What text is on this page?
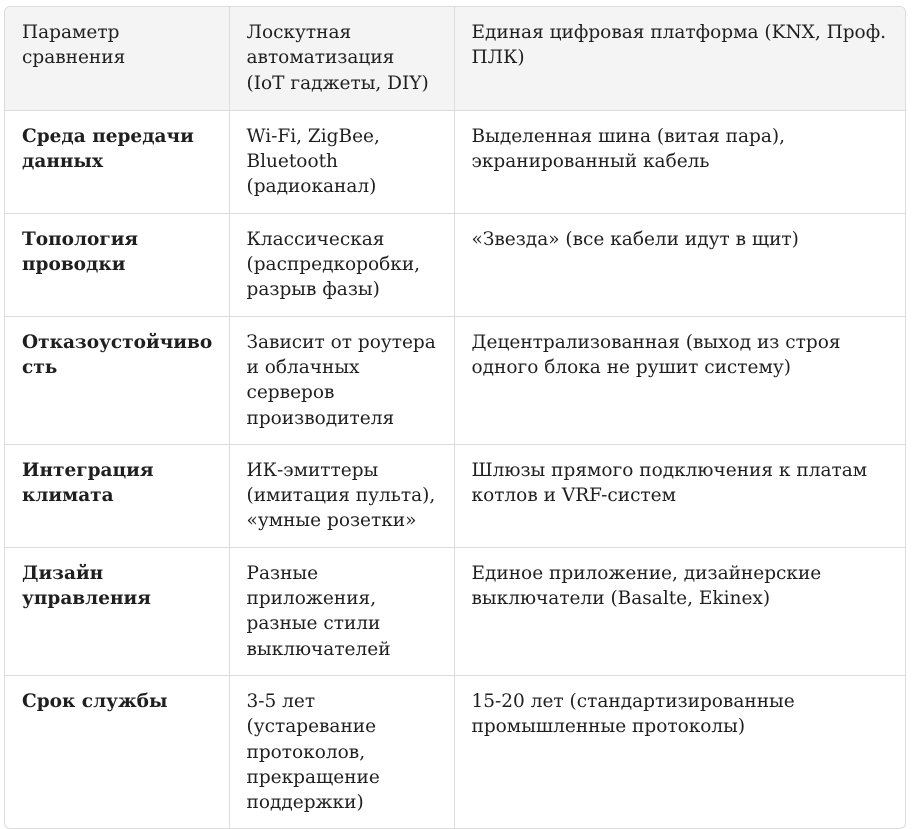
Параметр сравнения	Лоскутная автоматизация (IoT гаджеты, DIY)	Единая цифровая платформа (KNX, Проф. ПЛК)
Среда передачи данных	Wi-Fi, ZigBee, Bluetooth (радиоканал)	Выделенная шина (витая пара), экранированный кабель
Топология проводки	Классическая (распредкоробки, разрыв фазы)	«Звезда» (все кабели идут в щит)
Отказоустойчивость	Зависит от роутера и облачных серверов производителя	Децентрализованная (выход из строя одного блока не рушит систему)
Интеграция климата	ИК-эмиттеры (имитация пульта), «умные розетки»	Шлюзы прямого подключения к платам котлов и VRF-систем
Дизайн управления	Разные приложения, разные стили выключателей	Единое приложение, дизайнерские выключатели (Basalte, Ekinex)
Срок службы	3-5 лет (устаревание протоколов, прекращение поддержки)	15-20 лет (стандартизированные промышленные протоколы)
